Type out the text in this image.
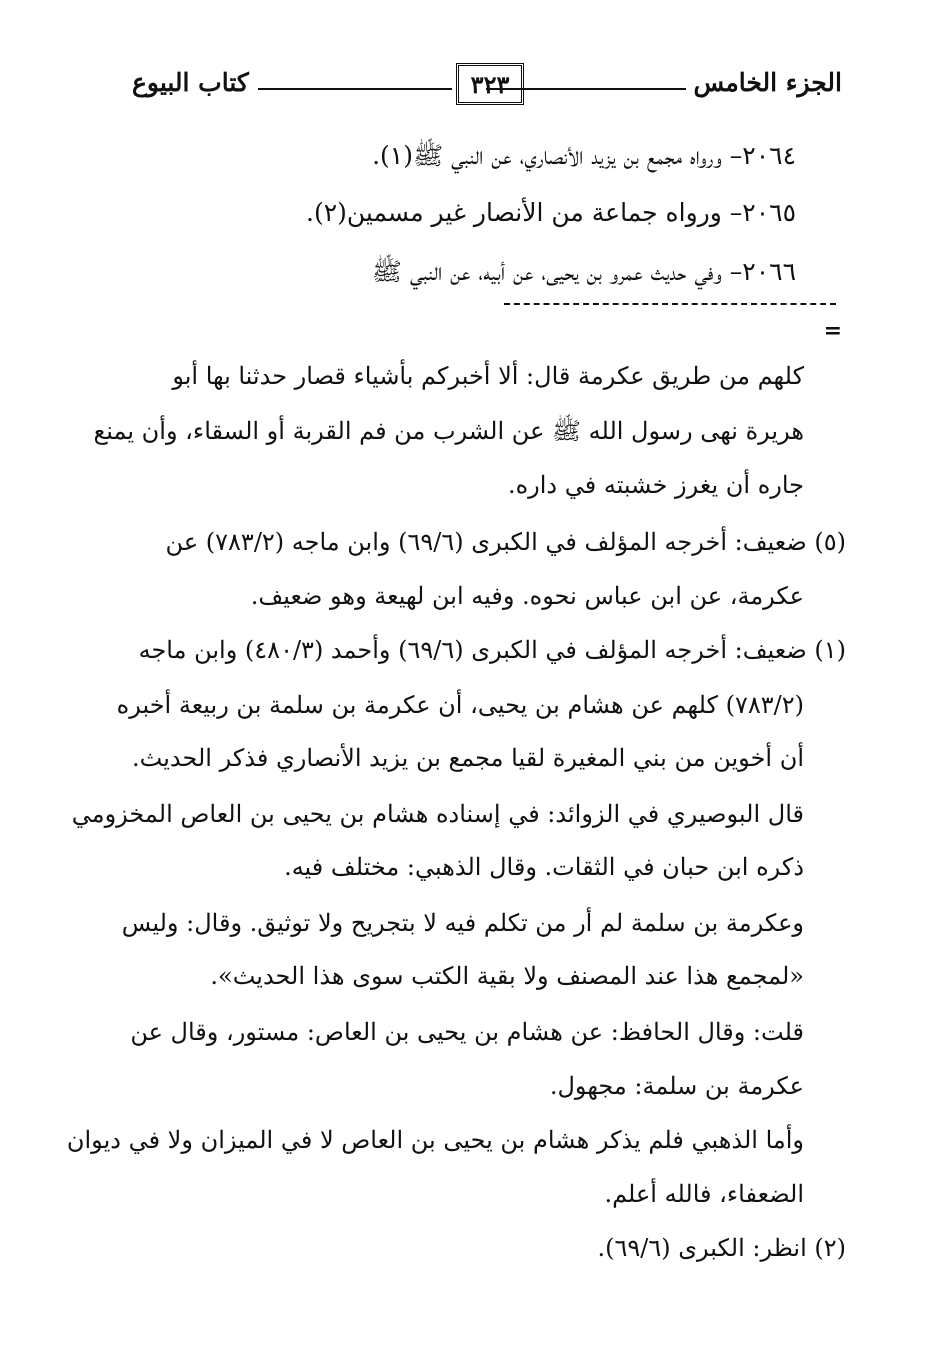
الجزء الخامس
٣٢٣
كتاب البيوع
٢٠٦٤– ورواه مجمع بن يزيد الأنصاري، عن النبي ﷺ(١).
٢٠٦٥– ورواه جماعة من الأنصار غير مسمين(٢).
٢٠٦٦– وفي حديث عمرو بن يحيى، عن أبيه، عن النبي ﷺ
=
كلهم من طريق عكرمة قال: ألا أخبركم بأشياء قصار حدثنا بها أبو
هريرة نهى رسول الله ﷺ عن الشرب من فم القربة أو السقاء، وأن يمنع
جاره أن يغرز خشبته في داره.
(٥) ضعيف: أخرجه المؤلف في الكبرى (٦٩/٦) وابن ماجه (٧٨٣/٢) عن
عكرمة، عن ابن عباس نحوه. وفيه ابن لهيعة وهو ضعيف.
(١) ضعيف: أخرجه المؤلف في الكبرى (٦٩/٦) وأحمد (٤٨٠/٣) وابن ماجه
(٧٨٣/٢) كلهم عن هشام بن يحيى، أن عكرمة بن سلمة بن ربيعة أخبره
أن أخوين من بني المغيرة لقيا مجمع بن يزيد الأنصاري فذكر الحديث.
قال البوصيري في الزوائد: في إسناده هشام بن يحيى بن العاص المخزومي
ذكره ابن حبان في الثقات. وقال الذهبي: مختلف فيه.
وعكرمة بن سلمة لم أر من تكلم فيه لا بتجريح ولا توثيق. وقال: وليس
«لمجمع هذا عند المصنف ولا بقية الكتب سوى هذا الحديث».
قلت: وقال الحافظ: عن هشام بن يحيى بن العاص: مستور، وقال عن
عكرمة بن سلمة: مجهول.
وأما الذهبي فلم يذكر هشام بن يحيى بن العاص لا في الميزان ولا في ديوان
الضعفاء، فالله أعلم.
(٢) انظر: الكبرى (٦٩/٦).
